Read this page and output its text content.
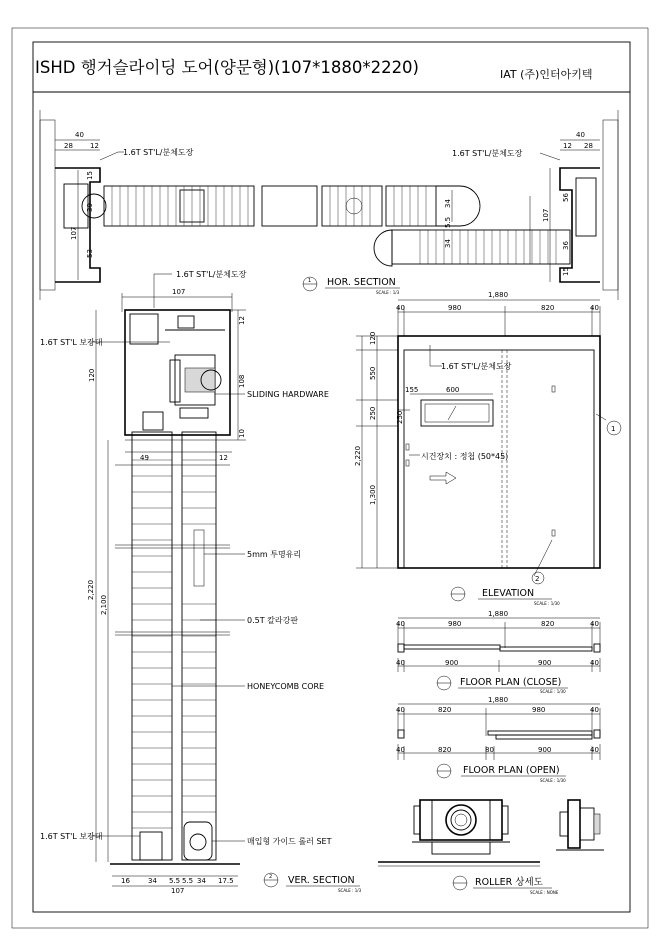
ISHD 행거슬라이딩 도어(양문형)(107*1880*2220)	IAT (주)인터아키텍
1.6T ST'L/분체도장	1.6T ST'L/분체도장
40
28 12
15
39
107
53
40
12 28
56
107
36
15
34
5.5
34
1 HOR. SECTION
SCALE : 1/3
1.6T ST'L/분체도장
1.6T ST'L 보강대
SLIDING HARDWARE
5mm 투명유리
0.5T 칼라강판
HONEYCOMB CORE
1.6T ST'L 보강대
매입형 가이드 롤러 SET
107
12
108
10
120
49	12
2,220
2,100
16	34 5.5 5.5 34 17.5
107
2 VER. SECTION
SCALE : 1/3
1
2
1.6T ST'L/분체도장
시건장치 : 정첩 (50*45)
1,880
40	980	820	40
120
550
250
2,220
1,300
155	600
250
ELEVATION
SCALE : 1/30
1,880
40	980	820	40
40	900	900	40
FLOOR PLAN (CLOSE)
SCALE : 1/30
1,880
40	820	980	40
40	820	80	900	40
FLOOR PLAN (OPEN)
SCALE : 1/30
ROLLER 상세도
SCALE : NONE
